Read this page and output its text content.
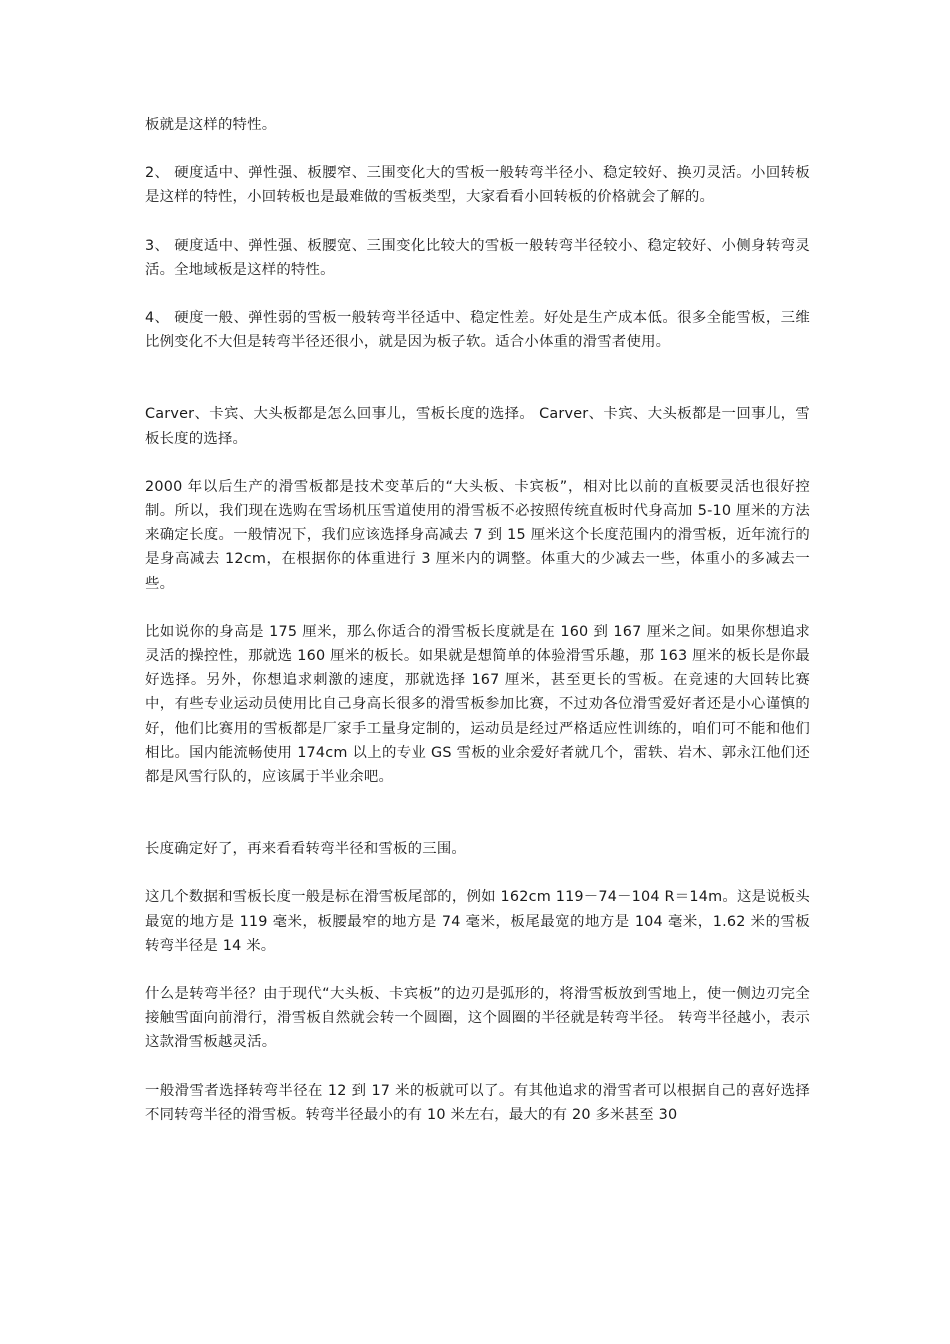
板就是这样的特性。

2、 硬度适中、弹性强、板腰窄、三围变化大的雪板一般转弯半径小、稳定较好、换刃灵活。小回转板是这样的特性，小回转板也是最难做的雪板类型，大家看看小回转板的价格就会了解的。

3、 硬度适中、弹性强、板腰宽、三围变化比较大的雪板一般转弯半径较小、稳定较好、小侧身转弯灵活。全地域板是这样的特性。

4、 硬度一般、弹性弱的雪板一般转弯半径适中、稳定性差。好处是生产成本低。很多全能雪板，三维比例变化不大但是转弯半径还很小，就是因为板子软。适合小体重的滑雪者使用。

Carver、卡宾、大头板都是怎么回事儿，雪板长度的选择。 Carver、卡宾、大头板都是一回事儿，雪板长度的选择。

2000 年以后生产的滑雪板都是技术变革后的“大头板、卡宾板”，相对比以前的直板要灵活也很好控制。所以，我们现在选购在雪场机压雪道使用的滑雪板不必按照传统直板时代身高加 5-10 厘米的方法来确定长度。一般情况下，我们应该选择身高减去 7 到 15 厘米这个长度范围内的滑雪板，近年流行的是身高减去 12cm，在根据你的体重进行 3 厘米内的调整。体重大的少减去一些，体重小的多减去一些。

比如说你的身高是 175 厘米，那么你适合的滑雪板长度就是在 160 到 167 厘米之间。如果你想追求灵活的操控性，那就选 160 厘米的板长。如果就是想简单的体验滑雪乐趣，那 163 厘米的板长是你最好选择。另外，你想追求刺激的速度，那就选择 167 厘米，甚至更长的雪板。在竞速的大回转比赛中，有些专业运动员使用比自己身高长很多的滑雪板参加比赛，不过劝各位滑雪爱好者还是小心谨慎的好，他们比赛用的雪板都是厂家手工量身定制的，运动员是经过严格适应性训练的，咱们可不能和他们相比。国内能流畅使用 174cm 以上的专业 GS 雪板的业余爱好者就几个，雷轶、岩木、郭永江他们还都是风雪行队的，应该属于半业余吧。

长度确定好了，再来看看转弯半径和雪板的三围。

这几个数据和雪板长度一般是标在滑雪板尾部的，例如 162cm 119－74－104 R＝14m。这是说板头最宽的地方是 119 毫米，板腰最窄的地方是 74 毫米，板尾最宽的地方是 104 毫米，1.62 米的雪板转弯半径是 14 米。

什么是转弯半径？由于现代“大头板、卡宾板”的边刃是弧形的，将滑雪板放到雪地上，使一侧边刃完全接触雪面向前滑行，滑雪板自然就会转一个圆圈，这个圆圈的半径就是转弯半径。 转弯半径越小，表示这款滑雪板越灵活。

一般滑雪者选择转弯半径在 12 到 17 米的板就可以了。有其他追求的滑雪者可以根据自己的喜好选择不同转弯半径的滑雪板。转弯半径最小的有 10 米左右，最大的有 20 多米甚至 30
